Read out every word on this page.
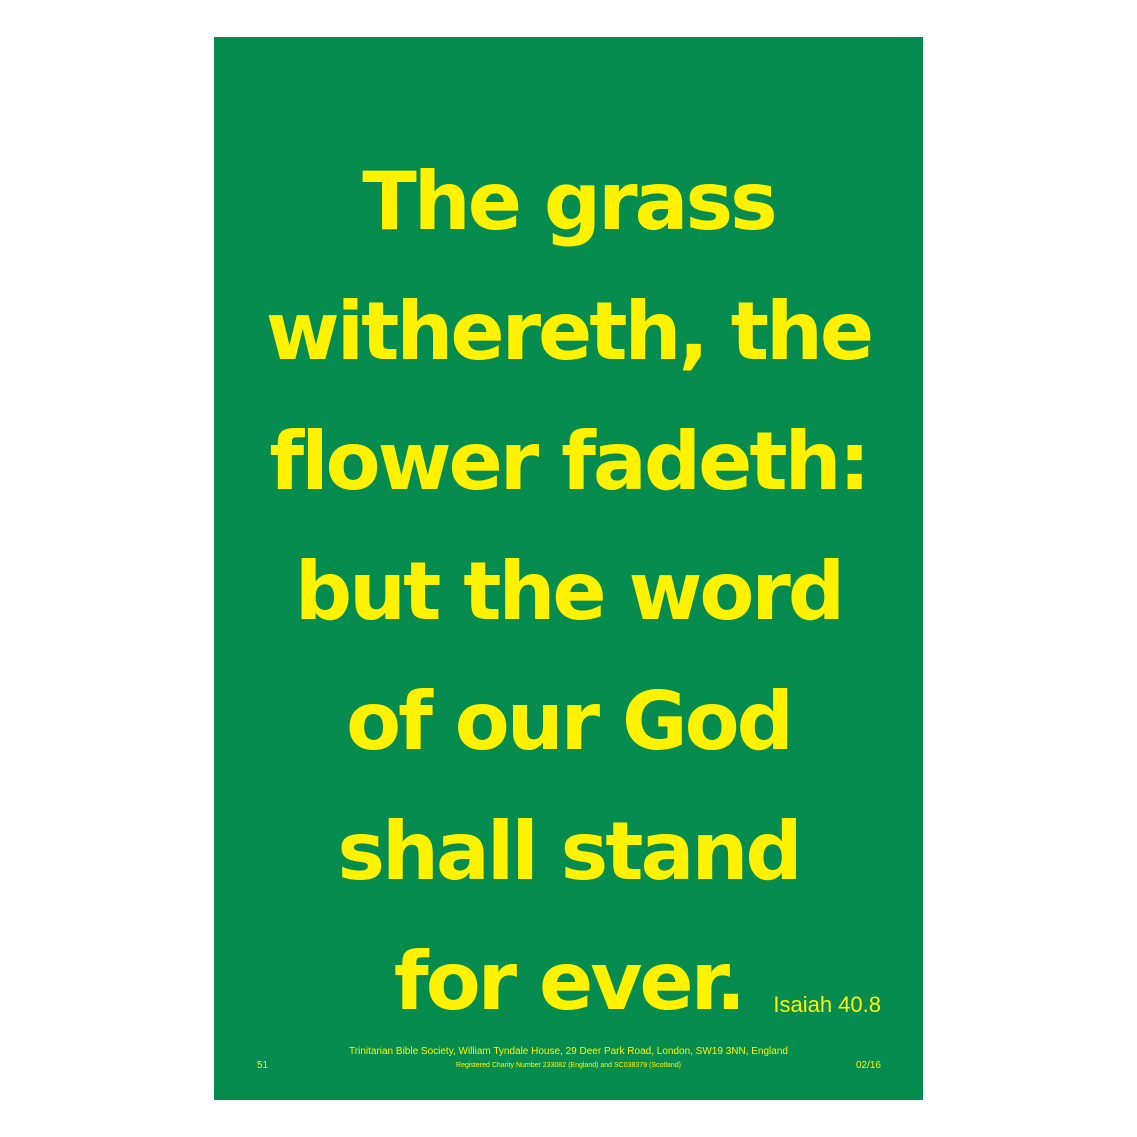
The grass
withereth, the
flower fadeth:
but the word
of our God
shall stand
for ever.	Isaiah 40.8
51
Trinitarian Bible Society, William Tyndale House, 29 Deer Park Road, London, SW19 3NN, England
Registered Charity Number 233082 (England) and SC038379 (Scotland)	02/16
